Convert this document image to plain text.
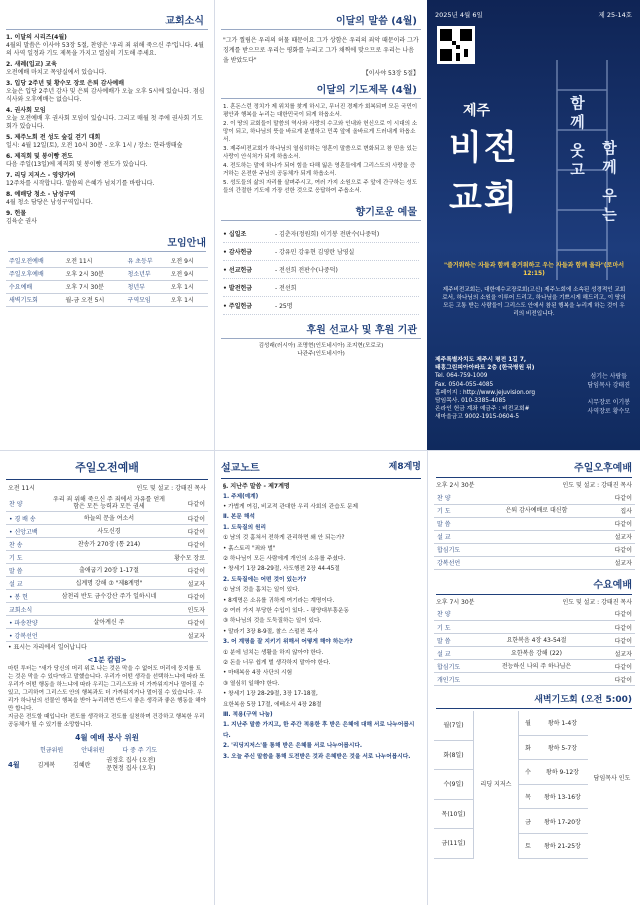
교회소식
1. 이달의 시리즈(4월)
4월의 말씀은 이사야 53장 5절, 찬양은 '우리 죄 위해 죽으신 주'입니다. 4월의 사역 일정과 기도 제목을 가지고 열심히 기도해 주세요.
2. 새례(입교) 교육
오전예배 마치고 목양실에서 있습니다.
3. 입당 2주년 및 황수모 장로 은퇴 감사예배
오늘은 입당 2주년 감사 및 은퇴 감사예배가 오늘 오후 5시에 있습니다. 점심식사와 오후예배는 없습니다.
4. 권사회 모임
오늘 오전예배 후 권사회 모임이 있습니다. 그리고 매월 첫 주에 권사회 기도회가 있습니다.
5. 제주노회 전 성도 숲길 걷기 대회
일시: 4월 12일(토), 오전 10시 30분 - 오후 1시 / 장소: 한라생태숲
6. 제직회 및 봉이빵 전도
다음 주일(13일)에 제직회 및 봉이빵 전도가 있습니다.
7. 리딩 지저스 - 영양가여
12주차를 시작합니다. 말씀의 은혜가 넘치기를 바랍니다.
8. 예배당 청소 - 남성구역
4월 청소 담당은 남성구역입니다.
9. 헌물
김육순 권사
모임안내
주일오전예배	오전 11시	유 초등부	오전 9시
주일오후예배	오후 2시 30분	청소년부	오전 9시
수요예배	오후 7시 30분	청년부	오후 1시
새벽기도회	월-금 오전 5시	구역모임	오후 1시
이달의 말씀 (4월)
"그가 찔림은 우리의 허물 때문이요 그가 상함은 우리의 죄악 때문이라 그가 징계를 받으므로 우리는 평화를 누리고 그가 채찍에 맞으므로 우리는 나음을 받았도다"
【이사야 53장 5절】
이달의 기도제목 (4월)
1. 혼돈스런 정치가 제 위치를 찾게 하시고, 무너진 경제가 회복되며 모든 국민이 평안과 행복을 누리는 대한민국이 되게 하옵소서.
2. 이 땅의 교회들이 말씀의 역사와 사랑의 수고와 인내와 헌신으로 이 시대의 소망이 되고, 하나님의 뜻을 바르게 분별하고 민족 앞에 올바르게 드러내게 하옵소서.
3. 제주비전교회가 하나님의 열심히하는 영혼이 말씀으로 변화되고 참 믿음 있는 사랑이 안식처가 되게 하옵소서.
4. 전도하는 말에 하나가 되어 힘을 다해 잃은 영혼들에게 그리스도의 사랑을 증거하는 온전한 주님의 공동체가 되게 하옵소서.
5. 성도들의 삶의 자리를 살펴주시고, 여러 가지 소원으로 주 앞에 간구하는 성도들의 간절한 기도에 가장 선한 것으로 응답하여 주옵소서.
향기로운 예물
• 십일조	- 김춘자(정원희) 이기봉 전판수(나중덕)
• 감사헌금	- 강유민 강유현 김영란 남영실
• 선교헌금	- 전선희 전판수(나중덕)
• 발전헌금	- 전선희
• 주일헌금	- 25명
후원 선교사 및 후원 기관
김성래(러시아) 조명현(인도네시아) 조지현(모로코)
나관주(인도네시아)
2025년 4월 6일	제 25-14호
제주
비전
교회
함께 웃고
함께 우는
"즐거워하는 자들과 함께 즐거워하고 우는 자들과 함께 울라"(로마서 12:15)
제주비전교회는, 대한예수교장로회(고신) 제주노회에 소속된 성경적인 교회로서, 하나님의 소원을 이루어 드리고, 하나님을 기쁘시게 해드리고, 이 땅의 모든 고통 받는 사람들이 그리스도 안에서 참된 행복을 누리게 하는 것이 우리의 비전입니다.
제주특별자치도 제주시 평전 1길 7,
태홍그린피아아파트 2층 (한국병원 뒤)
Tel. 064-759-1009
Fax. 0504-055-4085
홈페이지 : http://www.jejuvision.org
담임목사. 010-3385-4085
온라인 헌금 계좌 예금주 : 비전교회#
새마을금고 9002-1915-0604-5
섬기는 사람들
담임목사 강태진
시무장로 이기봉
사역장로 황수모
주일오전예배
오전 11시	인도 및 설교 : 강태진 목사
찬 양	우리 죄 위해 죽으신 주 죄에서 자유를 얻게 함은 모든 능력과 모든 권세	다같이
• 경 배 송	하늘의 문을 여소서	다같이
• 신앙고백	사도신경	다같이
찬 송	찬송가 270장 (통 214)	다같이
기 도		황수모 장로
말 씀	출애굽기 20장 1-17절	다같이
설 교	십계명 강해 ⑦ "제8계명"	설교자
• 봉 헌	삼천리 반도 금수강산 주가 일하시네	다같이
교회소식		인도자
• 파송찬양	살아계신 주	다같이
• 강복선언		설교자
• 표시는 자리에서 일어납니다
<1분 칼럼>
마틴 투터는 "새가 당신의 머리 위로 나는 것은 막을 수 없어도 머리에 둥지를 트는 것은 막을 수 있다"라고 말했습니다. 우리가 어떤 생각을 선택하느냐에 따라 또 우리가 어떤 행동을 하느냐에 따라 우리는 그리스도와 더 가까워지거나 멀어질 수 있고, 그리하여 그리스도 안의 행복과도 더 가까워지거나 멀어질 수 있습니다. 우리가 하나님의 선물인 행복을 받아 누리려면 반드시 좋은 생각과 좋은 행동을 해야만 합니다.
지금은 전도할 때입니다! 전도를 생각하고 전도를 실천하며 건강하고 행복한 우리 공동체가 될 수 있기를 소망합니다.
4월 예배 봉사 위원
헌금위원	안내위원	다 중 주 기도
4월	김계복	김혜란
권정호 집사 (오전)
문현정 집사 (오후)
설교노트	제8계명
§. 지난주 말씀 - 제7계명
1. 주제(예계)
• 가볍게 여김, 비교적 관대한 우리 사회의 관습도 문제
Ⅱ. 본문 해석
1. 도둑질의 원리
① 남의 것 훔쳐서 전하게 관리하면 왜 안 되는가?
• 흙스토리 "죄와 벌"
② 하나님이 모든 사람에게 개인의 소유를 주셨다.
• 창세기 1장 28-29절, 사도행전 2장 44-45절
2. 도둑질에는 어떤 것이 있는가?
① 남의 것을 훔치는 일이 있다.
• 8계명은 소유를 귀하게 여기라는 계명이다.
② 여러 가지 부당한 수입이 있다. - 평양대부흥운동
③ 하나님의 것을 도둑질하는 일이 있다.
• 말라기 3장 8-9절, 찰스 스펄전 목사
3. 어 계명을 잘 지키기 위해서 어떻게 해야 하는가?
① 분에 넘치는 생활을 하지 않아야 한다.
② 돈을 너무 쉽게 벌 생각하지 말아야 한다.
• 마태복음 4장 사단의 시험
③ 열심히 일해야 한다.
• 창세기 1장 28-29절, 3장 17-18절,
요한복음 5장 17절, 에베소서 4장 28절
Ⅲ. 적용(구역 나눔)
1. 지난주 말씀 가지고, 한 주간 적용한 후 받은 은혜에 대해 서로 나누어봅시다.
2. '리딩지저스'를 통해 받은 은혜를 서로 나누어봅시다.
3. 오늘 주신 말씀을 통해 도전받은 것과 은혜받은 것을 서로 나누어봅시다.
주일오후예배
오후 2시 30분	인도 및 설교 : 강태진 목사
찬 양		다같이
기 도	은퇴 감사예배로 대신함	집사
말 씀		다같이
설 교		설교자
합심기도		다같이
강복선언		설교자
수요예배
오후 7시 30분	인도 및 설교 : 강태진 목사
찬 양		다같이
기 도		다같이
말 씀	요한복음 4장 43-54절	다같이
설 교	요한복음 강해 (22)	설교자
합심기도	전능하신 나의 주 하나님은	다같이
개인기도		다같이
새벽기도회 (오전 5:00)
월(7일)
화(8일)
수(9일)
목(10일)
금(11일)
리딩 지저스
월	왕하 1-4장
화	왕하 5-7장
수	왕하 9-12장
목	왕하 13-16장
금	왕하 17-20장
토	왕하 21-25장
담임목사 인도
